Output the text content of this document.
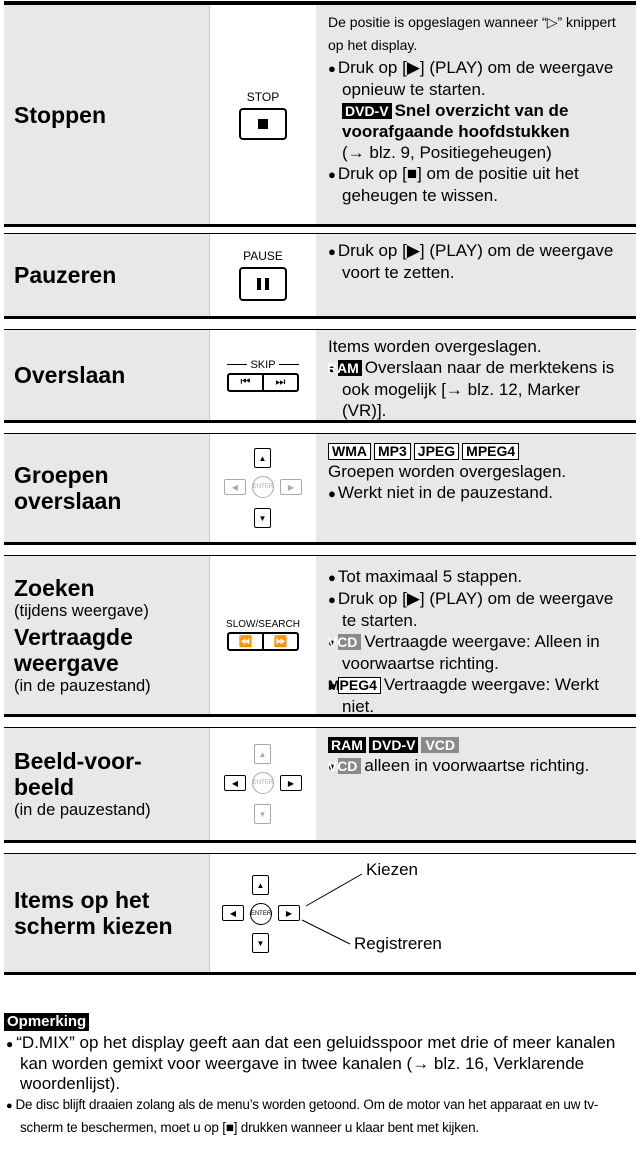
Stoppen
STOP
De positie is opgeslagen wanneer “▷” knippert op het display.
● Druk op [▶] (PLAY) om de weergave opnieuw te starten.
DVD-V Snel overzicht van de voorafgaande hoofdstukken
(→ blz. 9, Positiegeheugen)
● Druk op [■] om de positie uit het geheugen te wissen.
Pauzeren
PAUSE
●	Druk op [▶] (PLAY) om de weergave voort te zetten.
Overslaan	SKIP
⏮	⏭
Items worden overgeslagen.
● RAM Overslaan naar de merktekens is ook mogelijk [→ blz. 12, Marker (VR)].
Groepen overslaan
▲
◀	ENTER	▶
▼
WMA MP3 JPEG MPEG4
Groepen worden overgeslagen.
● Werkt niet in de pauzestand.
Zoeken
(tijdens weergave)
Vertraagde weergave
(in de pauzestand)
SLOW/SEARCH
⏪	⏩
● Tot maximaal 5 stappen.
● Druk op [▶] (PLAY) om de weergave te starten.
● VCD Vertraagde weergave: Alleen in voorwaartse richting.
● MPEG4 Vertraagde weergave: Werkt niet.
Beeld-voor-beeld
(in de pauzestand)
▲
◀	ENTER	▶
▼
RAM DVD-V VCD
● VCD alleen in voorwaartse richting.
Items op het scherm kiezen
▲
◀	ENTER	▶
▼
Kiezen
Registreren
Opmerking
● “D.MIX” op het display geeft aan dat een geluidsspoor met drie of meer kanalen kan worden gemixt voor weergave in twee kanalen (→ blz. 16, Verklarende woordenlijst).
● De disc blijft draaien zolang als de menu’s worden getoond. Om de motor van het apparaat en uw tv-scherm te beschermen, moet u op [■] drukken wanneer u klaar bent met kijken.
